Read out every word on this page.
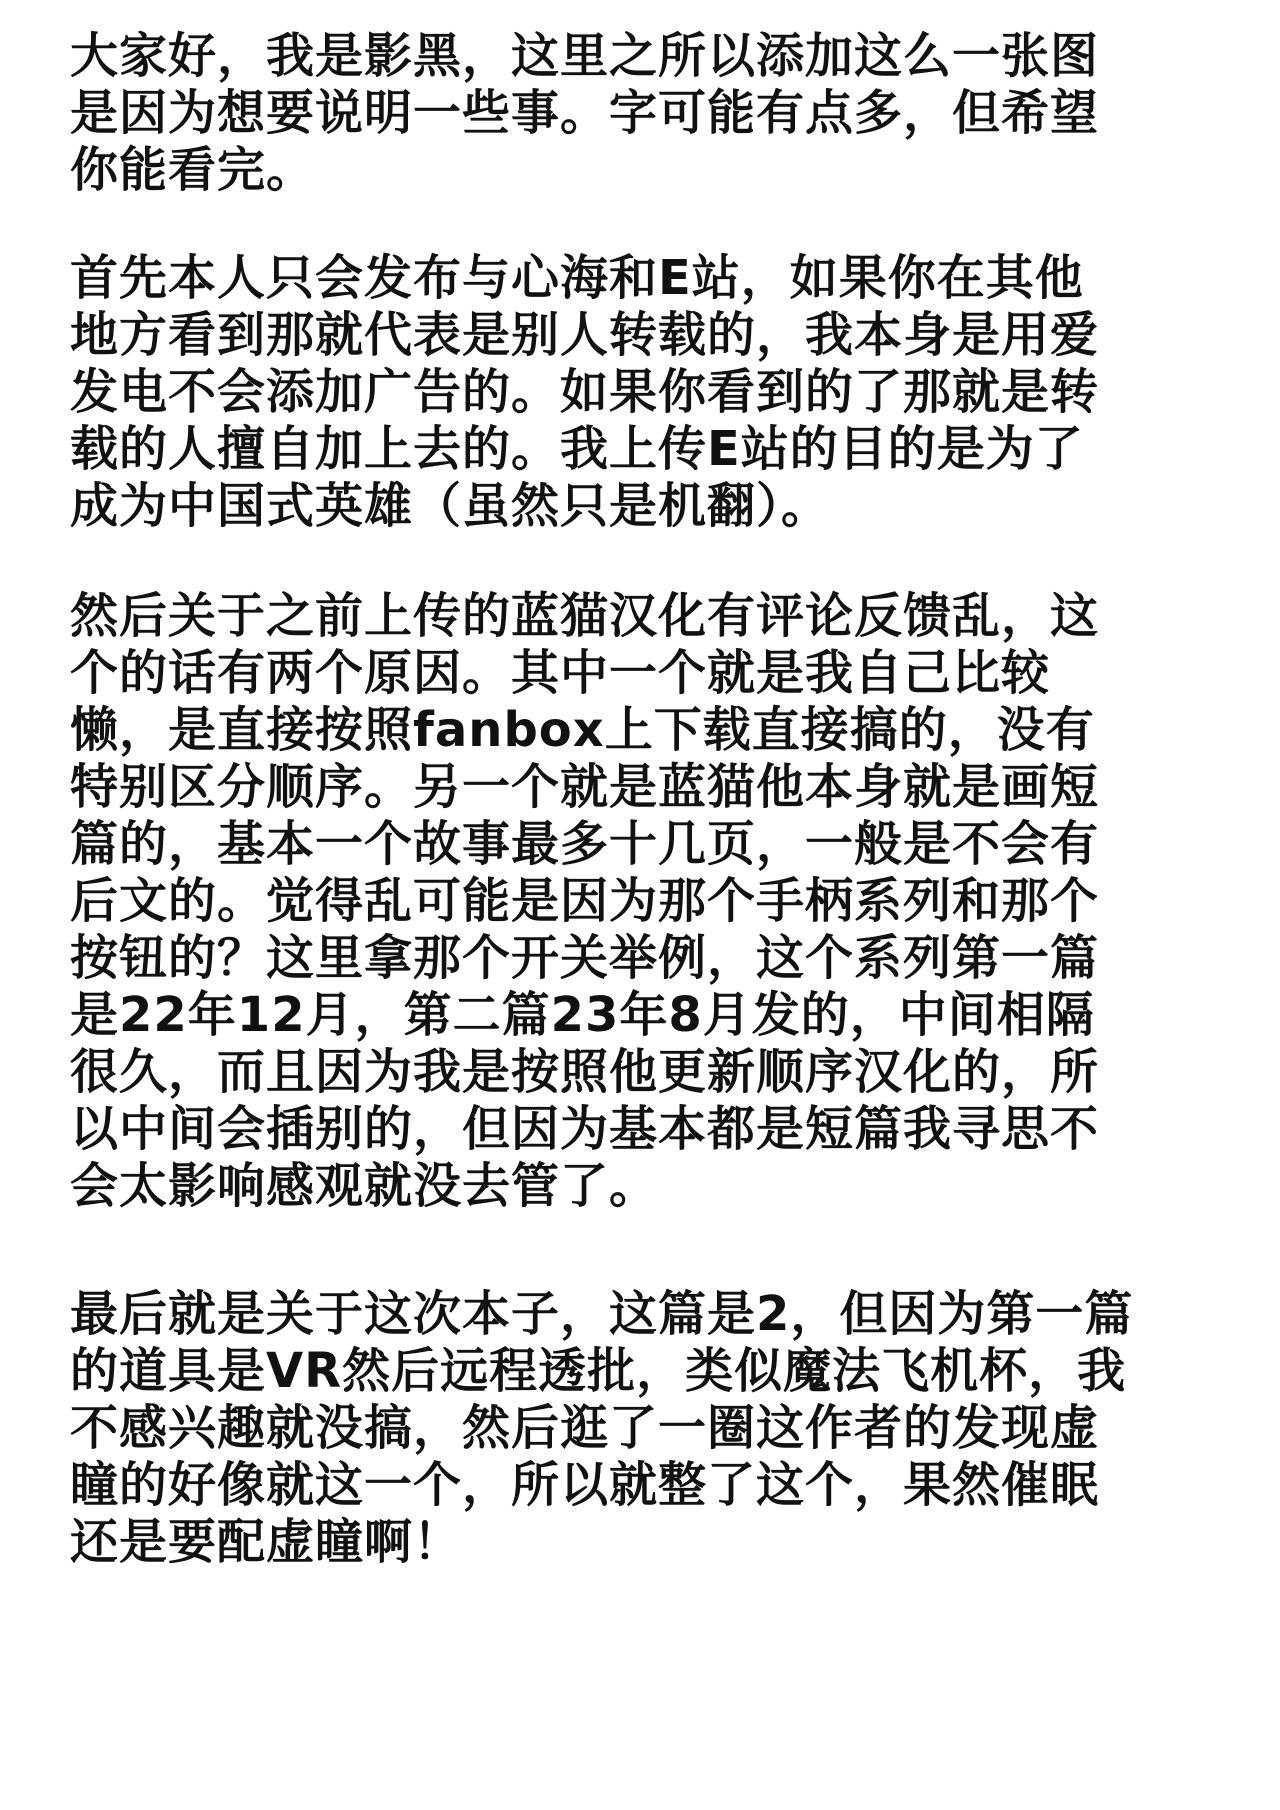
大家好，我是影黑，这里之所以添加这么一张图
是因为想要说明一些事。字可能有点多，但希望
你能看完。
首先本人只会发布与心海和E站，如果你在其他
地方看到那就代表是别人转载的，我本身是用爱
发电不会添加广告的。如果你看到的了那就是转
载的人擅自加上去的。我上传E站的目的是为了
成为中国式英雄（虽然只是机翻）。
然后关于之前上传的蓝猫汉化有评论反馈乱，这
个的话有两个原因。其中一个就是我自己比较
懒，是直接按照fanbox上下载直接搞的，没有
特别区分顺序。另一个就是蓝猫他本身就是画短
篇的，基本一个故事最多十几页，一般是不会有
后文的。觉得乱可能是因为那个手柄系列和那个
按钮的？这里拿那个开关举例，这个系列第一篇
是22年12月，第二篇23年8月发的，中间相隔
很久，而且因为我是按照他更新顺序汉化的，所
以中间会插别的，但因为基本都是短篇我寻思不
会太影响感观就没去管了。
最后就是关于这次本子，这篇是2，但因为第一篇
的道具是VR然后远程透批，类似魔法飞机杯，我
不感兴趣就没搞，然后逛了一圈这作者的发现虚
瞳的好像就这一个，所以就整了这个，果然催眠
还是要配虚瞳啊！
